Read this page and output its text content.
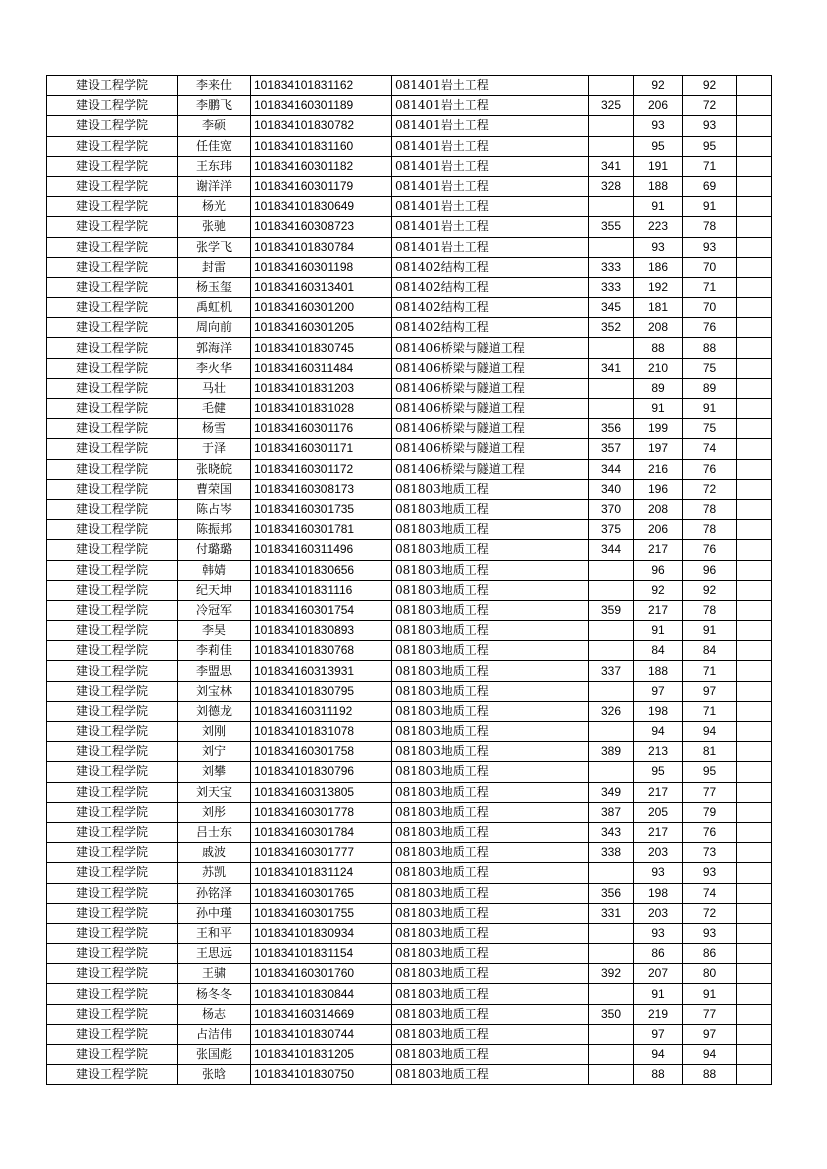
建设工程学院	李来仕	101834101831162	081401岩土工程		92	92	
建设工程学院	李鹏飞	101834160301189	081401岩土工程	325	206	72	
建设工程学院	李硕	101834101830782	081401岩土工程		93	93	
建设工程学院	任佳宽	101834101831160	081401岩土工程		95	95	
建设工程学院	王东玮	101834160301182	081401岩土工程	341	191	71	
建设工程学院	谢洋洋	101834160301179	081401岩土工程	328	188	69	
建设工程学院	杨光	101834101830649	081401岩土工程		91	91	
建设工程学院	张驰	101834160308723	081401岩土工程	355	223	78	
建设工程学院	张学飞	101834101830784	081401岩土工程		93	93	
建设工程学院	封雷	101834160301198	081402结构工程	333	186	70	
建设工程学院	杨玉玺	101834160313401	081402结构工程	333	192	71	
建设工程学院	禹虹机	101834160301200	081402结构工程	345	181	70	
建设工程学院	周向前	101834160301205	081402结构工程	352	208	76	
建设工程学院	郭海洋	101834101830745	081406桥梁与隧道工程		88	88	
建设工程学院	李火华	101834160311484	081406桥梁与隧道工程	341	210	75	
建设工程学院	马壮	101834101831203	081406桥梁与隧道工程		89	89	
建设工程学院	毛健	101834101831028	081406桥梁与隧道工程		91	91	
建设工程学院	杨雪	101834160301176	081406桥梁与隧道工程	356	199	75	
建设工程学院	于泽	101834160301171	081406桥梁与隧道工程	357	197	74	
建设工程学院	张晓皖	101834160301172	081406桥梁与隧道工程	344	216	76	
建设工程学院	曹荣国	101834160308173	081803地质工程	340	196	72	
建设工程学院	陈占岑	101834160301735	081803地质工程	370	208	78	
建设工程学院	陈振邦	101834160301781	081803地质工程	375	206	78	
建设工程学院	付璐璐	101834160311496	081803地质工程	344	217	76	
建设工程学院	韩婧	101834101830656	081803地质工程		96	96	
建设工程学院	纪天坤	101834101831116	081803地质工程		92	92	
建设工程学院	冷冠军	101834160301754	081803地质工程	359	217	78	
建设工程学院	李昊	101834101830893	081803地质工程		91	91	
建设工程学院	李莉佳	101834101830768	081803地质工程		84	84	
建设工程学院	李盟思	101834160313931	081803地质工程	337	188	71	
建设工程学院	刘宝林	101834101830795	081803地质工程		97	97	
建设工程学院	刘德龙	101834160311192	081803地质工程	326	198	71	
建设工程学院	刘刚	101834101831078	081803地质工程		94	94	
建设工程学院	刘宁	101834160301758	081803地质工程	389	213	81	
建设工程学院	刘攀	101834101830796	081803地质工程		95	95	
建设工程学院	刘天宝	101834160313805	081803地质工程	349	217	77	
建设工程学院	刘彤	101834160301778	081803地质工程	387	205	79	
建设工程学院	吕士东	101834160301784	081803地质工程	343	217	76	
建设工程学院	戚波	101834160301777	081803地质工程	338	203	73	
建设工程学院	苏凯	101834101831124	081803地质工程		93	93	
建设工程学院	孙铭泽	101834160301765	081803地质工程	356	198	74	
建设工程学院	孙中瑾	101834160301755	081803地质工程	331	203	72	
建设工程学院	王和平	101834101830934	081803地质工程		93	93	
建设工程学院	王思远	101834101831154	081803地质工程		86	86	
建设工程学院	王骕	101834160301760	081803地质工程	392	207	80	
建设工程学院	杨冬冬	101834101830844	081803地质工程		91	91	
建设工程学院	杨志	101834160314669	081803地质工程	350	219	77	
建设工程学院	占洁伟	101834101830744	081803地质工程		97	97	
建设工程学院	张国彪	101834101831205	081803地质工程		94	94	
建设工程学院	张晗	101834101830750	081803地质工程		88	88	
